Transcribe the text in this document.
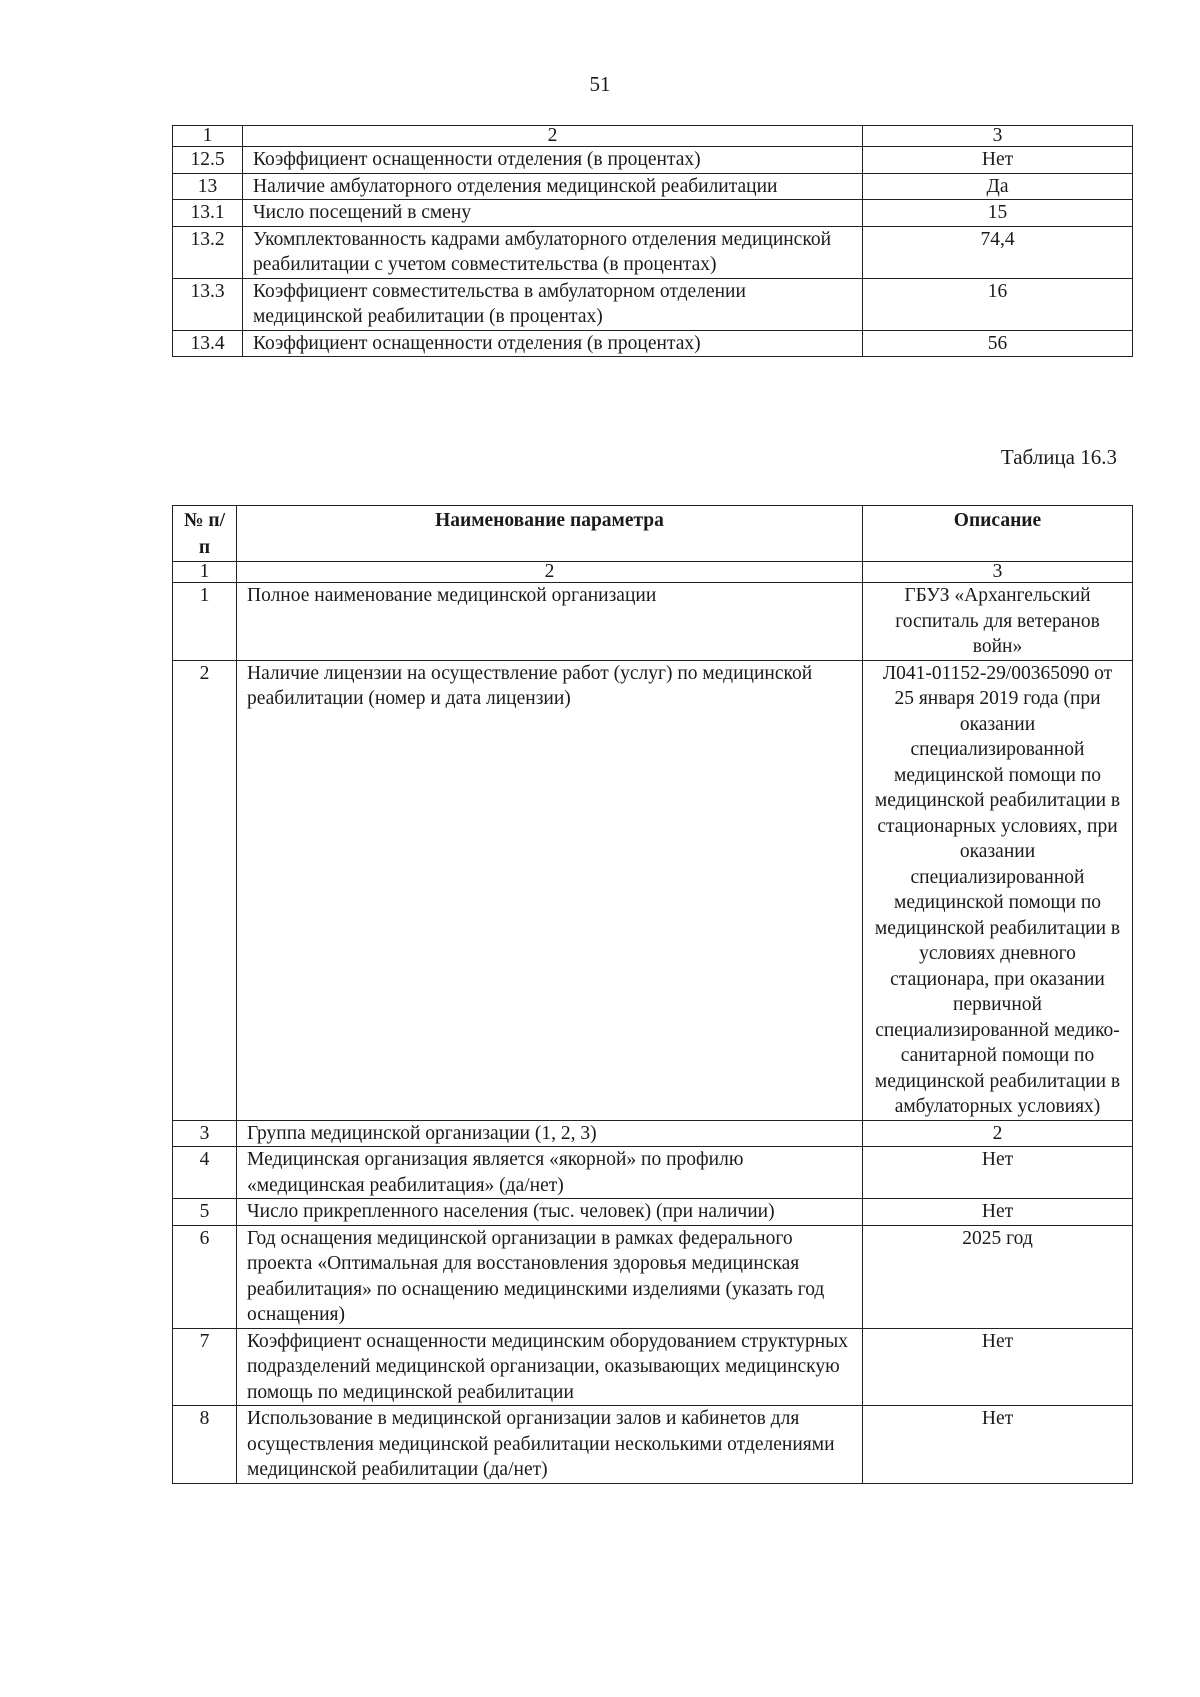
51
1	2	3
12.5	Коэффициент оснащенности отделения (в процентах)	Нет
13	Наличие амбулаторного отделения медицинской реабилитации	Да
13.1	Число посещений в смену	15
13.2	Укомплектованность кадрами амбулаторного отделения медицинской реабилитации с учетом совместительства (в процентах)	74,4
13.3	Коэффициент совместительства в амбулаторном отделении медицинской реабилитации (в процентах)	16
13.4	Коэффициент оснащенности отделения (в процентах)	56
Таблица 16.3
№ п/п	Наименование параметра	Описание
1	2	3
1	Полное наименование медицинской организации	ГБУЗ «Архангельский госпиталь для ветеранов войн»
2	Наличие лицензии на осуществление работ (услуг) по медицинской реабилитации (номер и дата лицензии)	Л041-01152-29/00365090 от 25 января 2019 года (при оказании специализированной медицинской помощи по медицинской реабилитации в стационарных условиях, при оказании специализированной медицинской помощи по медицинской реабилитации в условиях дневного стационара, при оказании первичной специализированной медико-санитарной помощи по медицинской реабилитации в амбулаторных условиях)
3	Группа медицинской организации (1, 2, 3)	2
4	Медицинская организация является «якорной» по профилю «медицинская реабилитация» (да/нет)	Нет
5	Число прикрепленного населения (тыс. человек) (при наличии)	Нет
6	Год оснащения медицинской организации в рамках федерального проекта «Оптимальная для восстановления здоровья медицинская реабилитация» по оснащению медицинскими изделиями (указать год оснащения)	2025 год
7	Коэффициент оснащенности медицинским оборудованием структурных подразделений медицинской организации, оказывающих медицинскую помощь по медицинской реабилитации	Нет
8	Использование в медицинской организации залов и кабинетов для осуществления медицинской реабилитации несколькими отделениями медицинской реабилитации (да/нет)	Нет
